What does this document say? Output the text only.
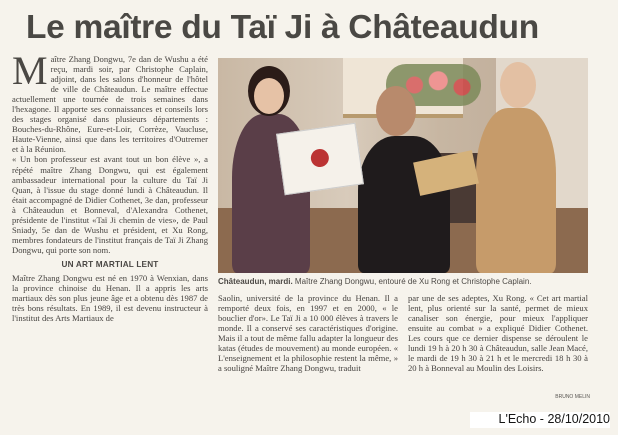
Le maître du Taï Ji à Châteaudun
M aître Zhang Dongwu, 7e dan de Wushu a été reçu, mardi soir, par Christophe Caplain, adjoint, dans les salons d'honneur de l'hôtel de ville de Châteaudun. Le maître effectue actuellement une tournée de trois semaines dans l'hexagone. Il apporte ses connaissances et conseils lors des stages organisé dans plusieurs départements : Bouches-du-Rhône, Eure-et-Loir, Corrèze, Vaucluse, Haute-Vienne, ainsi que dans les territoires d'Outremer et à la Réunion.

« Un bon professeur est avant tout un bon élève », a répété maître Zhang Dongwu, qui est également ambassadeur international pour la culture du Taï Ji Quan, à l'issue du stage donné lundi à Châteaudun. Il était accompagné de Didier Cothenet, 3e dan, professeur à Châteaudun et Bonneval, d'Alexandra Cothenet, présidente de l'institut «Taï Ji chemin de vies», de Paul Sniady, 5e dan de Wushu et président, et Xu Rong, membres fondateurs de l'institut français de Taï Ji Zhang Dongwu, qui porte son nom.

UN ART MARTIAL LENT

Maître Zhang Dongwu est né en 1970 à Wenxian, dans la province chinoise du Henan. Il a appris les arts martiaux dès son plus jeune âge et a obtenu dès 1987 de très bons résultats. En 1989, il est devenu instructeur à l'institut des Arts Martiaux de

Châteaudun, mardi. Maître Zhang Dongwu, entouré de Xu Rong et Christophe Caplain.

Saolin, université de la province du Henan. Il a remporté deux fois, en 1997 et en 2000, « le bouclier d'or». Le Taï Ji a 10 000 élèves à travers le monde. Il a conservé ses caractéristiques d'origine. Mais il a tout de même fallu adapter la longueur des katas (études de mouvement) au monde européen. « L'enseignement et la philosophie restent la même, » a souligné Maître Zhang Dongwu, traduit

par une de ses adeptes, Xu Rong. « Cet art martial lent, plus orienté sur la santé, permet de mieux canaliser son énergie, pour mieux l'appliquer ensuite au combat » a expliqué Didier Cothenet. Les cours que ce dernier dispense se déroulent le lundi 19 h à 20 h 30 à Châteaudun, salle Jean Macé, le mardi de 19 h 30 à 21 h et le mercredi 18 h 30 à 20 h à Bonneval au Moulin des Loisirs.

BRUNO MELIN
L'Echo - 28/10/2010
